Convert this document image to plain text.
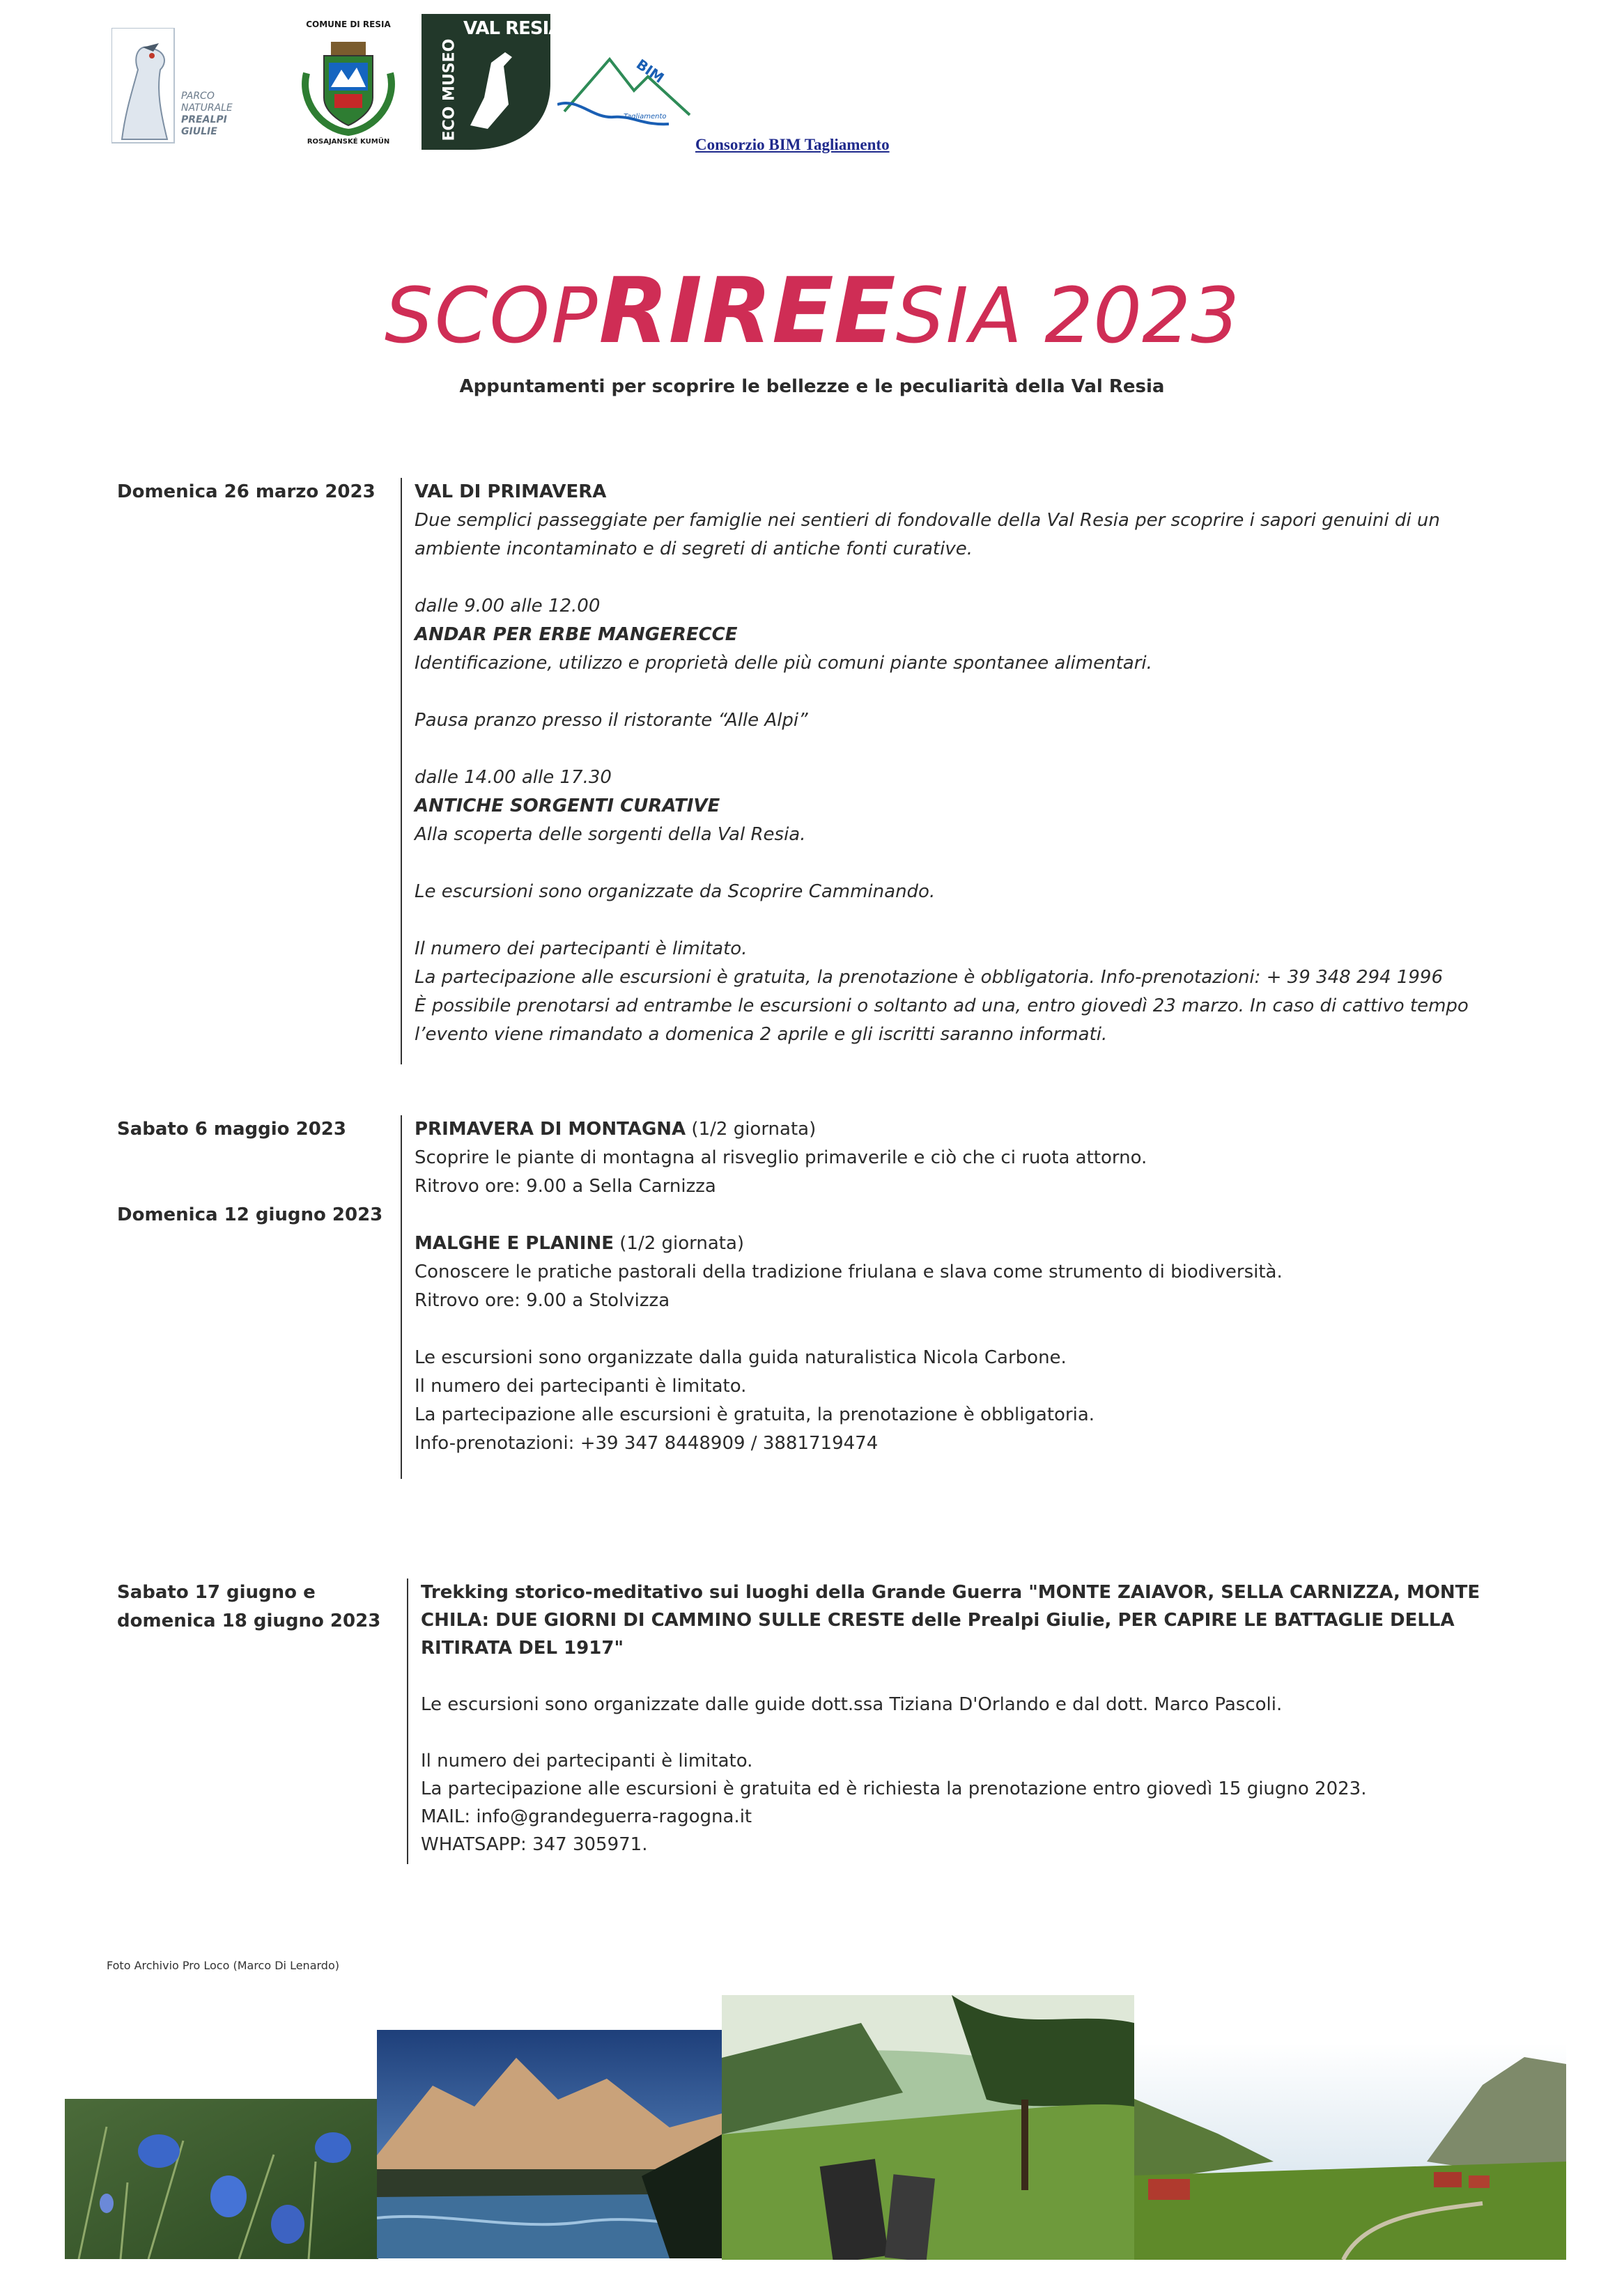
PARCO
NATURALE
PREALPI
GIULIE
COMUNE DI RESIA
ROSAJANSKÉ KUMÜN
VAL RESIA
ECO MUSEO	BIM
Tagliamento
Consorzio BIM Tagliamento
SCOPRIREESIA 2023
Appuntamenti per scoprire le bellezze e le peculiarità della Val Resia
Domenica 26 marzo 2023 VAL DI PRIMAVERA

Due semplici passeggiate per famiglie nei sentieri di fondovalle della Val Resia per scoprire i sapori genuini di un ambiente incontaminato e di segreti di antiche fonti curative.

dalle 9.00 alle 12.00

ANDAR PER ERBE MANGERECCE

Identificazione, utilizzo e proprietà delle più comuni piante spontanee alimentari.

Pausa pranzo presso il ristorante “Alle Alpi”

dalle 14.00 alle 17.30

ANTICHE SORGENTI CURATIVE

Alla scoperta delle sorgenti della Val Resia.

Le escursioni sono organizzate da Scoprire Camminando.

Il numero dei partecipanti è limitato.

La partecipazione alle escursioni è gratuita, la prenotazione è obbligatoria. Info-prenotazioni: + 39 348 294 1996

È possibile prenotarsi ad entrambe le escursioni o soltanto ad una, entro giovedì 23 marzo. In caso di cattivo tempo l’evento viene rimandato a domenica 2 aprile e gli iscritti saranno informati.

Sabato 6 maggio 2023
Domenica 12 giugno 2023

PRIMAVERA DI MONTAGNA (1/2 giornata)

Scoprire le piante di montagna al risveglio primaverile e ciò che ci ruota attorno.

Ritrovo ore: 9.00 a Sella Carnizza

MALGHE E PLANINE (1/2 giornata)

Conoscere le pratiche pastorali della tradizione friulana e slava come strumento di biodiversità.

Ritrovo ore: 9.00 a Stolvizza

Le escursioni sono organizzate dalla guida naturalistica Nicola Carbone.

Il numero dei partecipanti è limitato.

La partecipazione alle escursioni è gratuita, la prenotazione è obbligatoria.

Info-prenotazioni: +39 347 8448909 / 3881719474

Sabato 17 giugno e
domenica 18 giugno 2023

Trekking storico-meditativo sui luoghi della Grande Guerra "MONTE ZAIAVOR, SELLA CARNIZZA, MONTE CHILA: DUE GIORNI DI CAMMINO SULLE CRESTE delle Prealpi Giulie, PER CAPIRE LE BATTAGLIE DELLA RITIRATA DEL 1917"

Le escursioni sono organizzate dalle guide dott.ssa Tiziana D'Orlando e dal dott. Marco Pascoli.

Il numero dei partecipanti è limitato.

La partecipazione alle escursioni è gratuita ed è richiesta la prenotazione entro giovedì 15 giugno 2023.

MAIL: info@grandeguerra-ragogna.it

WHATSAPP: 347 305971.

Foto Archivio Pro Loco (Marco Di Lenardo)
